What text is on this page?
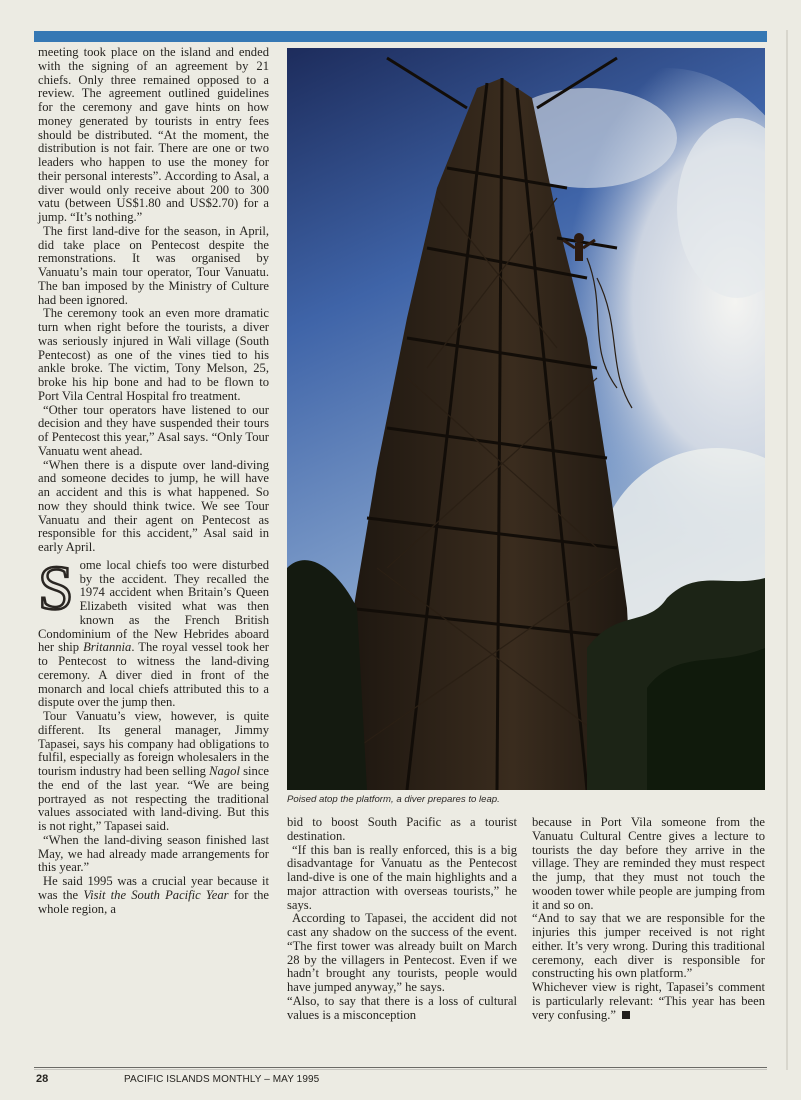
meeting took place on the island and ended with the signing of an agreement by 21 chiefs. Only three remained opposed to a review. The agreement outlined guidelines for the ceremony and gave hints on how money generated by tourists in entry fees should be distributed. “At the moment, the distribution is not fair. There are one or two leaders who happen to use the money for their personal interests”. According to Asal, a diver would only receive about 200 to 300 vatu (between US$1.80 and US$2.70) for a jump. “It’s nothing.”

The first land-dive for the season, in April, did take place on Pentecost despite the remonstrations. It was organised by Vanuatu’s main tour operator, Tour Vanuatu. The ban imposed by the Ministry of Culture had been ignored.

The ceremony took an even more dramatic turn when right before the tourists, a diver was seriously injured in Wali village (South Pentecost) as one of the vines tied to his ankle broke. The victim, Tony Melson, 25, broke his hip bone and had to be flown to Port Vila Central Hospital fro treatment.

“Other tour operators have listened to our decision and they have suspended their tours of Pentecost this year,” Asal says. “Only Tour Vanuatu went ahead.

“When there is a dispute over land-diving and someone decides to jump, he will have an accident and this is what happened. So now they should think twice. We see Tour Vanuatu and their agent on Pentecost as responsible for this accident,” Asal said in early April.

Some local chiefs too were disturbed by the accident. They recalled the 1974 accident when Britain’s Queen Elizabeth visited what was then known as the French British Condominium of the New Hebrides aboard her ship Britannia. The royal vessel took her to Pentecost to witness the land-diving ceremony. A diver died in front of the monarch and local chiefs attributed this to a dispute over the jump then.

Tour Vanuatu’s view, however, is quite different. Its general manager, Jimmy Tapasei, says his company had obligations to fulfil, especially as foreign wholesalers in the tourism industry had been selling Nagol since the end of the last year. “We are being portrayed as not respecting the traditional values associated with land-diving. But this is not right,” Tapasei said.

“When the land-diving season finished last May, we had already made arrangements for this year.”

He said 1995 was a crucial year because it was the Visit the South Pacific Year for the whole region, a

Poised atop the platform, a diver prepares to leap.

bid to boost South Pacific as a tourist destination.

“If this ban is really enforced, this is a big disadvantage for Vanuatu as the Pentecost land-dive is one of the main highlights and a major attraction with overseas tourists,” he says.

According to Tapasei, the accident did not cast any shadow on the success of the event. “The first tower was already built on March 28 by the villagers in Pentecost. Even if we hadn’t brought any tourists, people would have jumped anyway,” he says.

“Also, to say that there is a loss of cultural values is a misconception

because in Port Vila someone from the Vanuatu Cultural Centre gives a lecture to tourists the day before they arrive in the village. They are reminded they must respect the jump, that they must not touch the wooden tower while people are jumping from it and so on.

“And to say that we are responsible for the injuries this jumper received is not right either. It’s very wrong. During this traditional ceremony, each diver is responsible for constructing his own platform.”

Whichever view is right, Tapasei’s comment is particularly relevant: “This year has been very confusing.”

28	PACIFIC ISLANDS MONTHLY – MAY 1995
